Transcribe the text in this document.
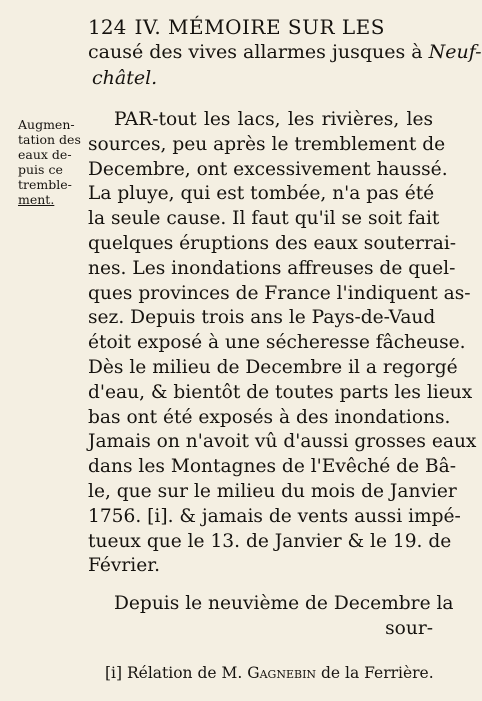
124 IV. MÉMOIRE SUR LES
causé des vives allarmes jusques à Neuf-
châtel.
Augmen-
tation des
eaux de-
puis ce
tremble-
ment.
PAR-tout les lacs, les rivières, les
sources, peu après le tremblement de
Decembre, ont excessivement haussé.
La pluye, qui est tombée, n'a pas été
la seule cause. Il faut qu'il se soit fait
quelques éruptions des eaux souterrai-
nes. Les inondations affreuses de quel-
ques provinces de France l'indiquent as-
sez. Depuis trois ans le Pays-de-Vaud
étoit exposé à une sécheresse fâcheuse.
Dès le milieu de Decembre il a regorgé
d'eau, & bientôt de toutes parts les lieux
bas ont été exposés à des inondations.
Jamais on n'avoit vû d'aussi grosses eaux
dans les Montagnes de l'Evêché de Bâ-
le, que sur le milieu du mois de Janvier
1756. [i]. & jamais de vents aussi impé-
tueux que le 13. de Janvier & le 19. de
Février.
Depuis le neuvième de Decembre la
sour-
[i] Rélation de M. Gagnebin de la Ferrière.
